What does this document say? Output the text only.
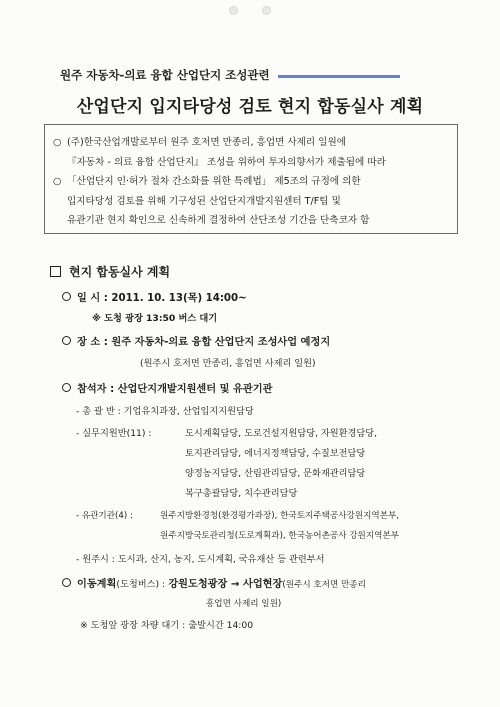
원주 자동차-의료 융합 산업단지 조성관련
산업단지 입지타당성 검토 현지 합동실사 계획
○ (주)한국산업개발로부터 원주 호저면 만종리, 흥업면 사제리 일원에
『자동차 - 의료 융합 산업단지』 조성을 위하여 투자의향서가 제출됨에 따라
○ 「산업단지 인·허가 절차 간소화를 위한 특례법」 제5조의 규정에 의한
입지타당성 검토를 위해 기구성된 산업단지개발지원센터 T/F팀 및
유관기관 현지 확인으로 신속하게 결정하여 산단조성 기간을 단축코자 함
현지 합동실사 계획
일 시 : 2011. 10. 13(목) 14:00~
※ 도청 광장 13:50 버스 대기
장 소 : 원주 자동차-의료 융합 산업단지 조성사업 예정지
(원주시 호저면 만종리, 흥업면 사제리 일원)
참석자 : 산업단지개발지원센터 및 유관기관
- 총 괄 반 : 기업유치과장, 산업입지지원담당
- 실무지원반(11) :	도시계획담당, 도로건설지원담당, 자원환경담당,
토지관리담당, 에너지정책담당, 수질보전담당
양정농지담당, 산림관리담당, 문화재관리담당
복구총괄담당, 치수관리담당
- 유관기관(4) :	원주지방환경청(환경평가과장), 한국토지주택공사강원지역본부,
원주지방국토관리청(도로계획과), 한국농어촌공사 강원지역본부
- 원주시 : 도시과, 산지, 농지, 도시계획, 국유재산 등 관련부서
이동계획(도청버스) : 강원도청광장 → 사업현장(원주시 호저면 만종리
흥업면 사제리 일원)
※ 도청앞 광장 차량 대기 : 출발시간 14:00
